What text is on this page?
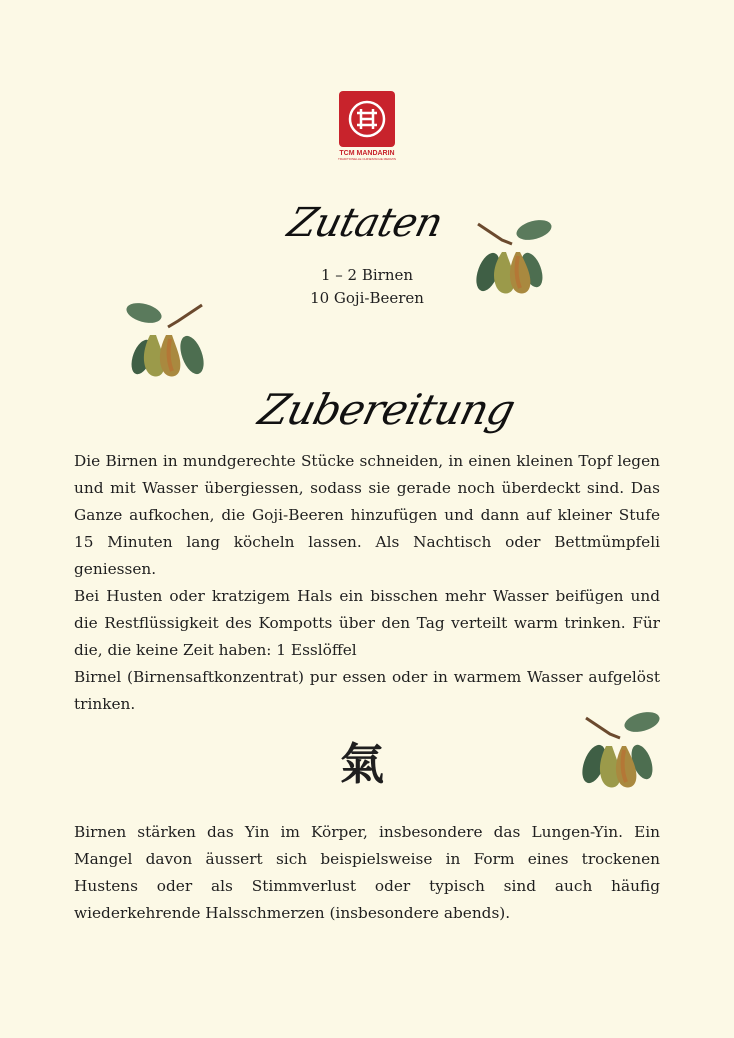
TCM MANDARIN
TRADITIONELLE CHINESISCHE MEDIZIN
Zutaten
1 – 2 Birnen
10 Goji-Beeren
Zubereitung

Die Birnen in mundgerechte Stücke schneiden, in einen kleinen Topf legen und mit Wasser übergiessen, sodass sie gerade noch überdeckt sind. Das Ganze aufkochen, die Goji-Beeren hinzufügen und dann auf kleiner Stufe 15 Minuten lang köcheln lassen. Als Nachtisch oder Bettmümpfeli geniessen.

Bei Husten oder kratzigem Hals ein bisschen mehr Wasser beifügen und die Restflüssigkeit des Kompotts über den Tag verteilt warm trinken. Für die, die keine Zeit haben: 1 Esslöffel

Birnel (Birnensaftkonzentrat) pur essen oder in warmem Wasser aufgelöst trinken.

氣

Birnen stärken das Yin im Körper, insbesondere das Lungen-Yin. Ein Mangel davon äussert sich beispielsweise in Form eines trockenen Hustens oder als Stimmverlust oder typisch sind auch häufig wiederkehrende Halsschmerzen (insbesondere abends).
